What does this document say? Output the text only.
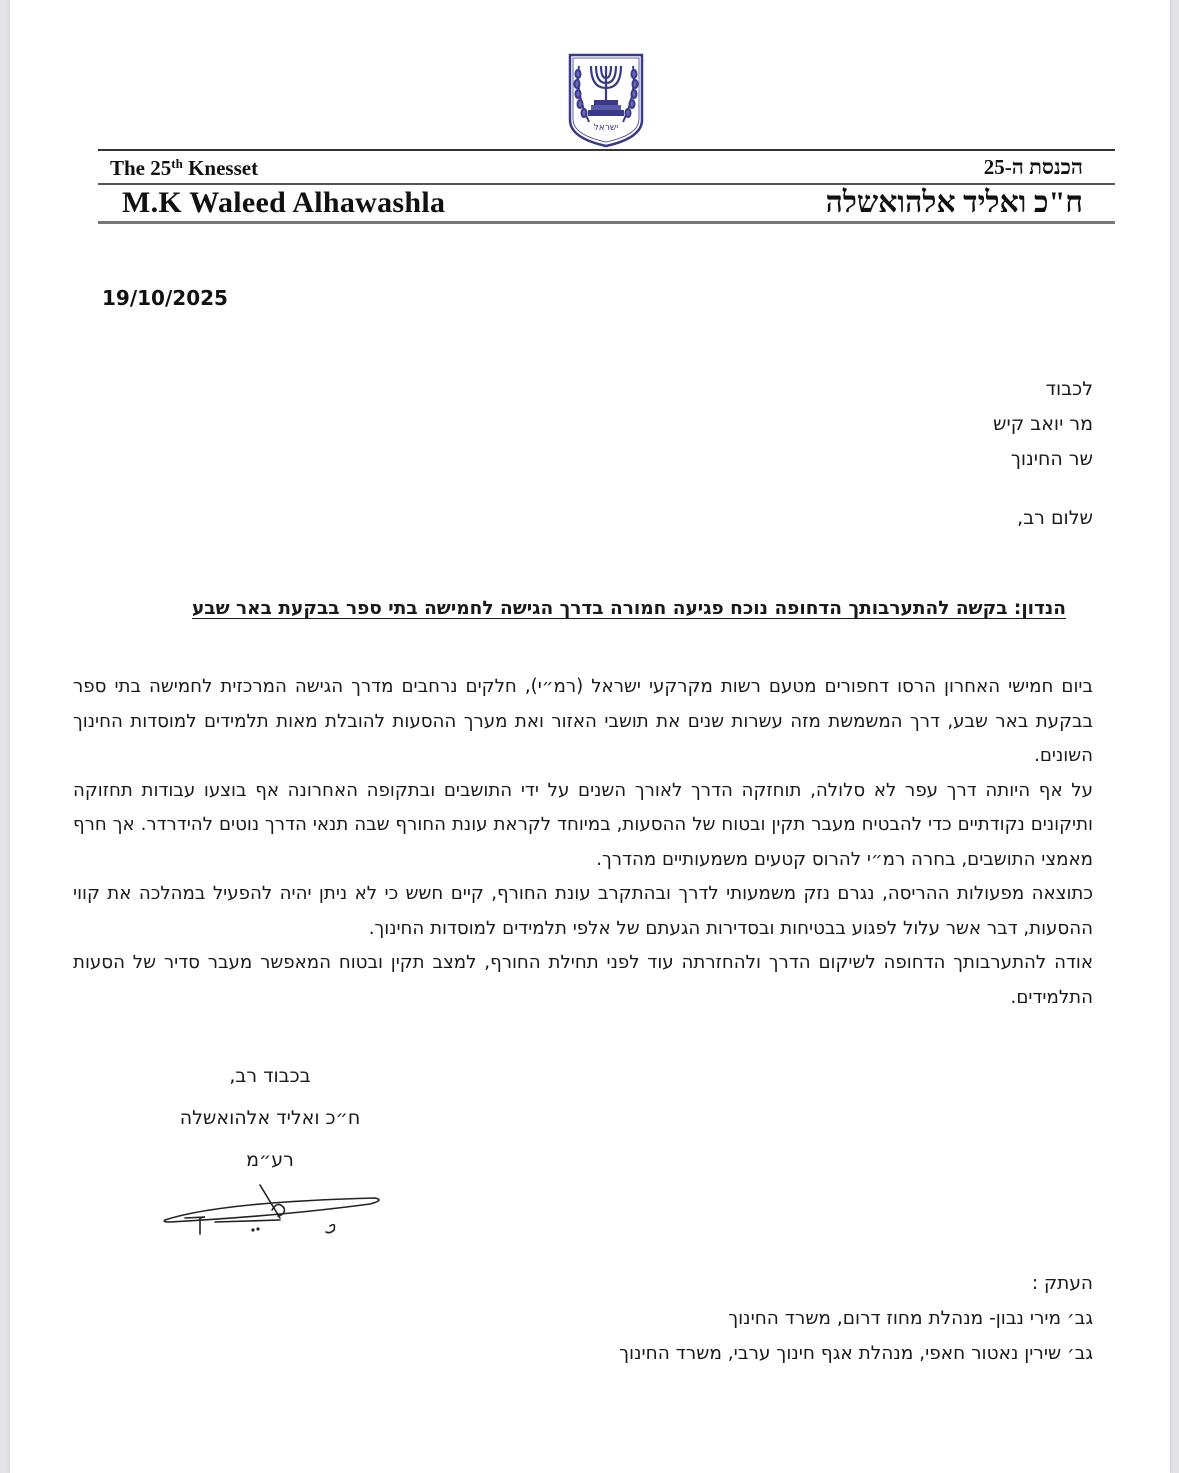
ישראל
The 25th Knesset	הכנסת ה-25
M.K Waleed Alhawashla	ח"כ ואליד אלהואשלה
19/10/2025
לכבוד
מר יואב קיש
שר החינוך
שלום רב,
הנדון: בקשה להתערבותך הדחופה נוכח פגיעה חמורה בדרך הגישה לחמישה בתי ספר בבקעת באר שבע

ביום חמישי האחרון הרסו דחפורים מטעם רשות מקרקעי ישראל (רמ״י), חלקים נרחבים מדרך הגישה המרכזית לחמישה בתי ספר בבקעת באר שבע, דרך המשמשת מזה עשרות שנים את תושבי האזור ואת מערך ההסעות להובלת מאות תלמידים למוסדות החינוך השונים.

על אף היותה דרך עפר לא סלולה, תוחזקה הדרך לאורך השנים על ידי התושבים ובתקופה האחרונה אף בוצעו עבודות תחזוקה ותיקונים נקודתיים כדי להבטיח מעבר תקין ובטוח של ההסעות, במיוחד לקראת עונת החורף שבה תנאי הדרך נוטים להידרדר. אך חרף מאמצי התושבים, בחרה רמ״י להרוס קטעים משמעותיים מהדרך.

כתוצאה מפעולות ההריסה, נגרם נזק משמעותי לדרך ובהתקרב עונת החורף, קיים חשש כי לא ניתן יהיה להפעיל במהלכה את קווי ההסעות, דבר אשר עלול לפגוע בבטיחות ובסדירות הגעתם של אלפי תלמידים למוסדות החינוך.

אודה להתערבותך הדחופה לשיקום הדרך ולהחזרתה עוד לפני תחילת החורף, למצב תקין ובטוח המאפשר מעבר סדיר של הסעות התלמידים.

בכבוד רב,
ח״כ ואליד אלהואשלה
רע״מ
העתק :
גב׳ מירי נבון- מנהלת מחוז דרום, משרד החינוך
גב׳ שירין נאטור חאפי, מנהלת אגף חינוך ערבי, משרד החינוך
